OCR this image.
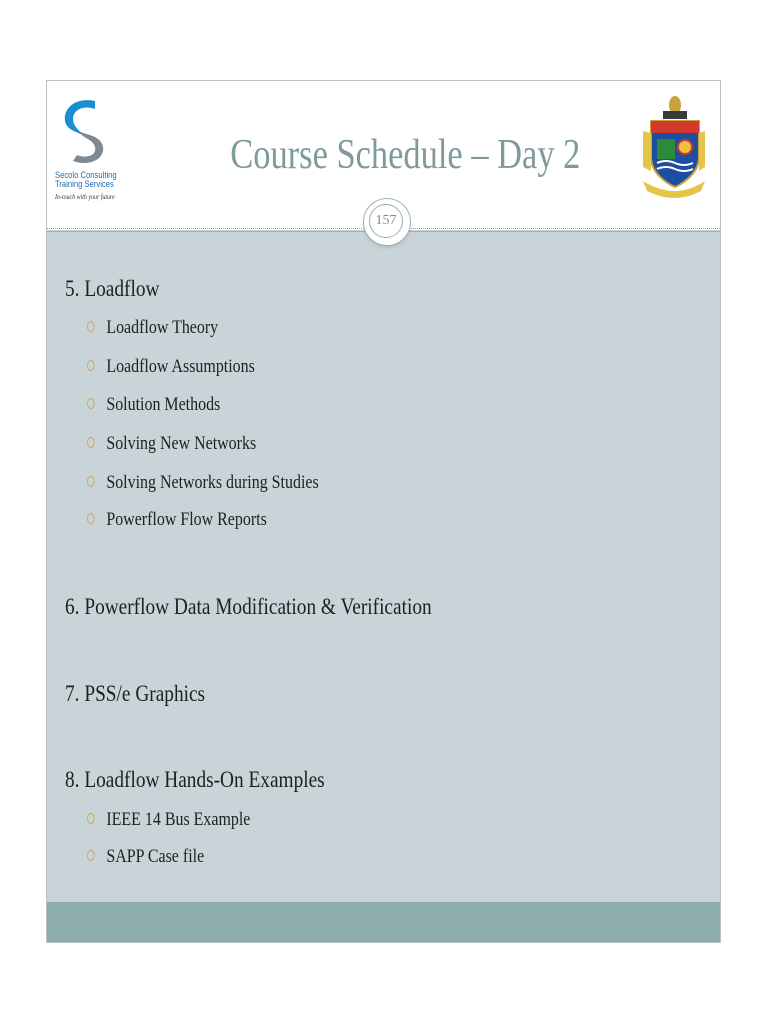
Secolo Consulting
Training Services
In-touch with your future
Course Schedule – Day 2
157
5. Loadflow
Loadflow Theory
Loadflow Assumptions
Solution Methods
Solving New Networks
Solving Networks during Studies
Powerflow Flow Reports
6. Powerflow Data Modification & Verification
7. PSS/e Graphics
8. Loadflow Hands-On Examples
IEEE 14 Bus Example
SAPP Case file
